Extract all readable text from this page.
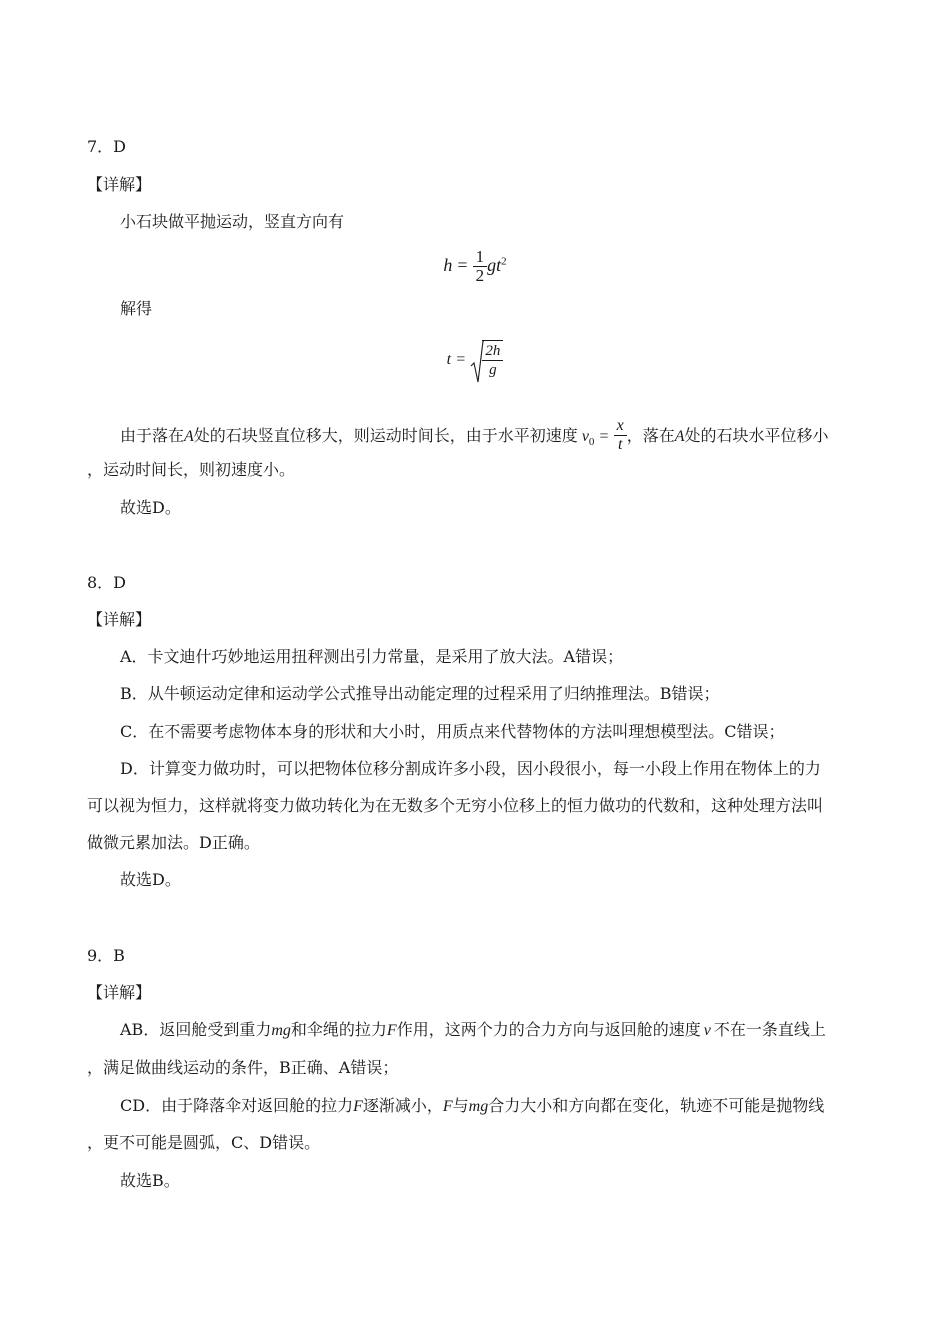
7．D
【详解】
小石块做平抛运动，竖直方向有
$h = \frac{1}{2} gt^2$
解得
$t = \frac{2h}{g}$
由于落在A处的石块竖直位移大，则运动时间长，由于水平初速度 $v_0 = \frac{x}{t}$ ，落在A处的石块水平位移小
，运动时间长，则初速度小。
故选D。
8．D
【详解】
A．卡文迪什巧妙地运用扭秤测出引力常量，是采用了放大法。A错误；
B．从牛顿运动定律和运动学公式推导出动能定理的过程采用了归纳推理法。B错误；
C．在不需要考虑物体本身的形状和大小时，用质点来代替物体的方法叫理想模型法。C错误；
D．计算变力做功时，可以把物体位移分割成许多小段，因小段很小，每一小段上作用在物体上的力
可以视为恒力，这样就将变力做功转化为在无数多个无穷小位移上的恒力做功的代数和，这种处理方法叫
做微元累加法。D正确。
故选D。
9．B
【详解】
AB．返回舱受到重力mg和伞绳的拉力F作用，这两个力的合力方向与返回舱的速度 v 不在一条直线上
，满足做曲线运动的条件，B正确、A错误；
CD．由于降落伞对返回舱的拉力F逐渐减小，F与mg合力大小和方向都在变化，轨迹不可能是抛物线
，更不可能是圆弧，C、D错误。
故选B。
